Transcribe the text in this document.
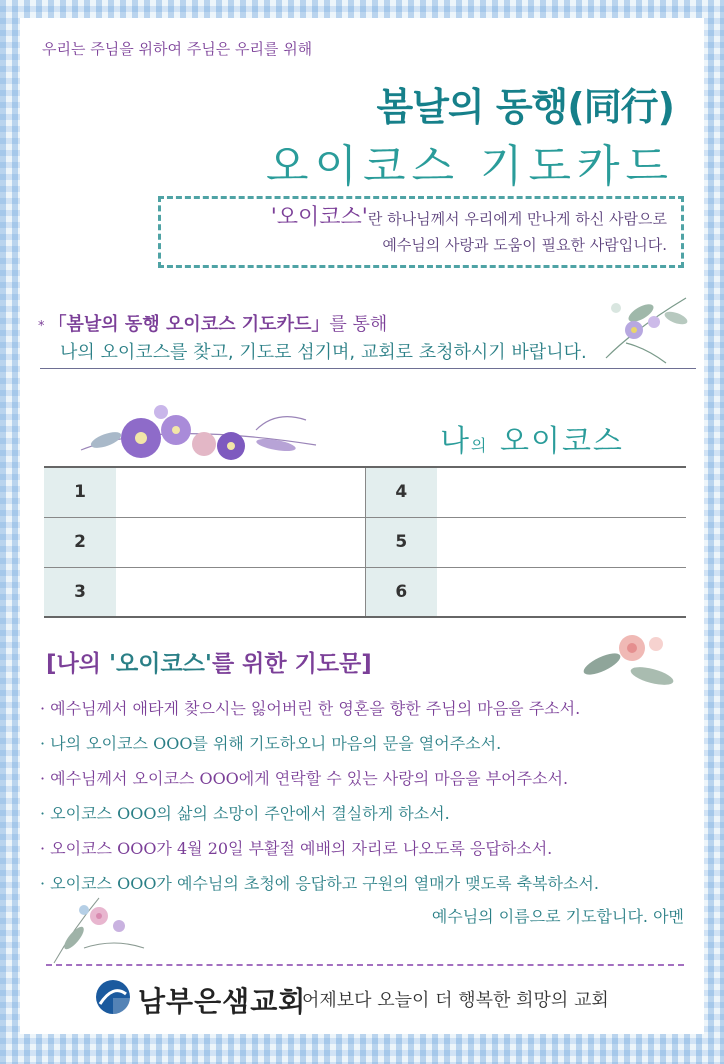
우리는 주님을 위하여 주님은 우리를 위해
봄날의 동행(同行)
오이코스 기도카드
'오이코스'란 하나님께서 우리에게 만나게 하신 사람으로
예수님의 사랑과 도움이 필요한 사람입니다.
* 「봄날의 동행 오이코스 기도카드」를 통해
나의 오이코스를 찾고, 기도로 섬기며, 교회로 초청하시기 바랍니다.
나의 오이코스
1		4	
2		5	
3		6	
[나의 '오이코스'를 위한 기도문]
· 예수님께서 애타게 찾으시는 잃어버린 한 영혼을 향한 주님의 마음을 주소서.
· 나의 오이코스 OOO를 위해 기도하오니 마음의 문을 열어주소서.
· 예수님께서 오이코스 OOO에게 연락할 수 있는 사랑의 마음을 부어주소서.
· 오이코스 OOO의 삶의 소망이 주안에서 결실하게 하소서.
· 오이코스 OOO가 4월 20일 부활절 예배의 자리로 나오도록 응답하소서.
· 오이코스 OOO가 예수님의 초청에 응답하고 구원의 열매가 맺도록 축복하소서.
예수님의 이름으로 기도합니다. 아멘
남부은샘교회
어제보다 오늘이 더 행복한 희망의 교회
